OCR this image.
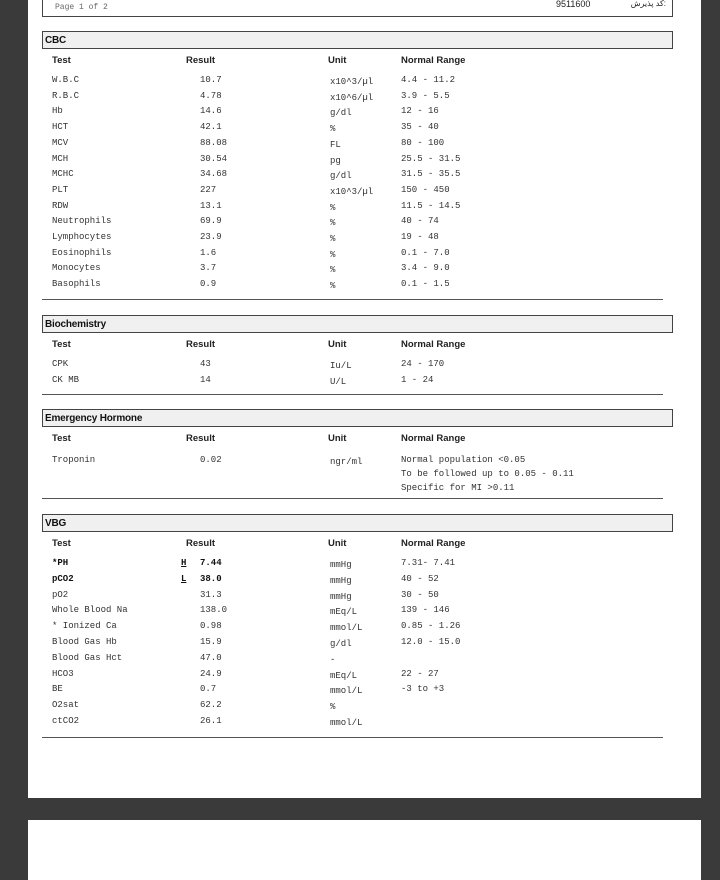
Page 1 of 2	9511600	كد پذيرش:
CBC
Test	Result	Unit	Normal Range
W.B.C	10.7	x10^3/µl	4.4 - 11.2
R.B.C	4.78	x10^6/µl	3.9 - 5.5
Hb	14.6	g/dl	12 - 16
HCT	42.1	%	35 - 40
MCV	88.08	FL	80 - 100
MCH	30.54	pg	25.5 - 31.5
MCHC	34.68	g/dl	31.5 - 35.5
PLT	227	x10^3/µl	150 - 450
RDW	13.1	%	11.5 - 14.5
Neutrophils	69.9	%	40 - 74
Lymphocytes	23.9	%	19 - 48
Eosinophils	1.6	%	0.1 - 7.0
Monocytes	3.7	%	3.4 - 9.0
Basophils	0.9	%	0.1 - 1.5
Biochemistry
Test	Result	Unit	Normal Range
CPK	43	Iu/L	24 - 170
CK MB	14	U/L	1 - 24
Emergency Hormone
Test	Result	Unit	Normal Range
Troponin	0.02	ngr/ml	Normal population <0.05
To be followed up to 0.05 - 0.11
Specific for MI >0.11
VBG
Test	Result	Unit	Normal Range
*PH	H 7.44	mmHg	7.31- 7.41
pCO2	L 38.0	mmHg	40 - 52
pO2	31.3	mmHg	30 - 50
Whole Blood Na	138.0	mEq/L	139 - 146
* Ionized Ca	0.98	mmol/L	0.85 - 1.26
Blood Gas Hb	15.9	g/dl	12.0 - 15.0
Blood Gas Hct	47.0	-
HCO3	24.9	mEq/L	22 - 27
BE	0.7	mmol/L	-3 to +3
O2sat	62.2	%
ctCO2	26.1	mmol/L
